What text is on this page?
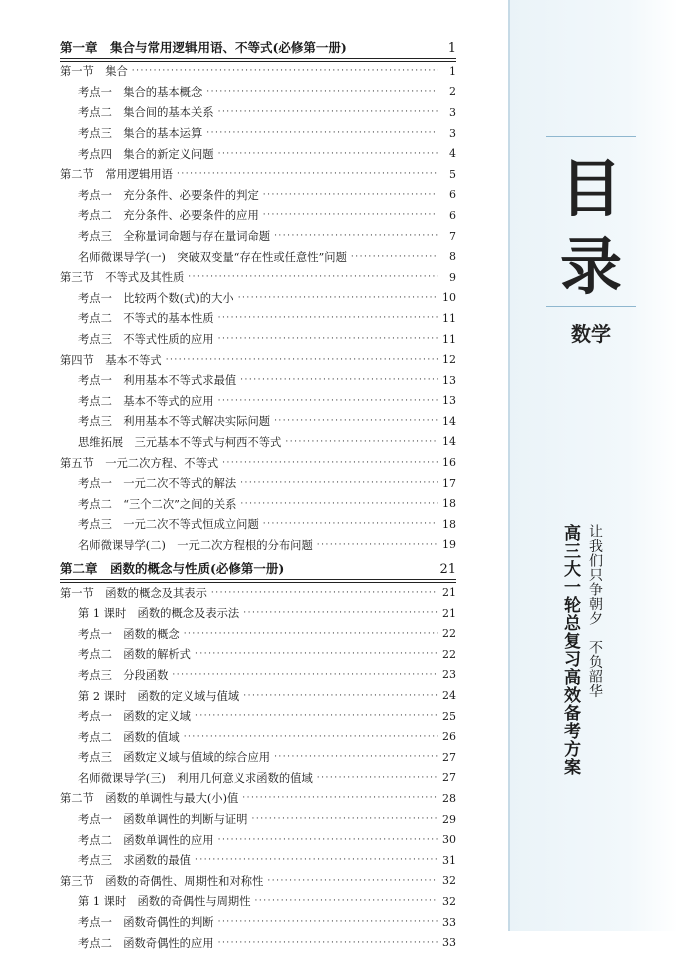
第一章　集合与常用逻辑用语、不等式(必修第一册)	1
第一节　集合 ·····	1
考点一　集合的基本概念 ·····	2
考点二　集合间的基本关系 ·····	3
考点三　集合的基本运算 ·····	3
考点四　集合的新定义问题 ·····	4
第二节　常用逻辑用语 ·····	5
考点一　充分条件、必要条件的判定 ·····	6
考点二　充分条件、必要条件的应用 ·····	6
考点三　全称量词命题与存在量词命题 ·····	7
名师微课导学(一)　突破双变量“存在性或任意性”问题 ·····	8
第三节　不等式及其性质 ·····	9
考点一　比较两个数(式)的大小 ·····	10
考点二　不等式的基本性质 ·····	11
考点三　不等式性质的应用 ·····	11
第四节　基本不等式 ·····	12
考点一　利用基本不等式求最值 ·····	13
考点二　基本不等式的应用 ·····	13
考点三　利用基本不等式解决实际问题 ·····	14
思维拓展　三元基本不等式与柯西不等式 ·····	14
第五节　一元二次方程、不等式 ·····	16
考点一　一元二次不等式的解法 ·····	17
考点二　“三个二次”之间的关系 ·····	18
考点三　一元二次不等式恒成立问题 ·····	18
名师微课导学(二)　一元二次方程根的分布问题 ·····	19
第二章　函数的概念与性质(必修第一册)	21
第一节　函数的概念及其表示 ·····	21
第 1 课时　函数的概念及表示法 ·····	21
考点一　函数的概念 ·····	22
考点二　函数的解析式 ·····	22
考点三　分段函数 ·····	23
第 2 课时　函数的定义域与值域 ·····	24
考点一　函数的定义域 ·····	25
考点二　函数的值域 ·····	26
考点三　函数定义域与值域的综合应用 ·····	27
名师微课导学(三)　利用几何意义求函数的值域 ·····	27
第二节　函数的单调性与最大(小)值 ·····	28
考点一　函数单调性的判断与证明 ·····	29
考点二　函数单调性的应用 ·····	30
考点三　求函数的最值 ·····	31
第三节　函数的奇偶性、周期性和对称性 ·····	32
第 1 课时　函数的奇偶性与周期性 ·····	32
考点一　函数奇偶性的判断 ·····	33
考点二　函数奇偶性的应用 ·····	33
目
录
数学
高三大一轮总复习高效备考方案 让我们只争朝夕　不负韶华
